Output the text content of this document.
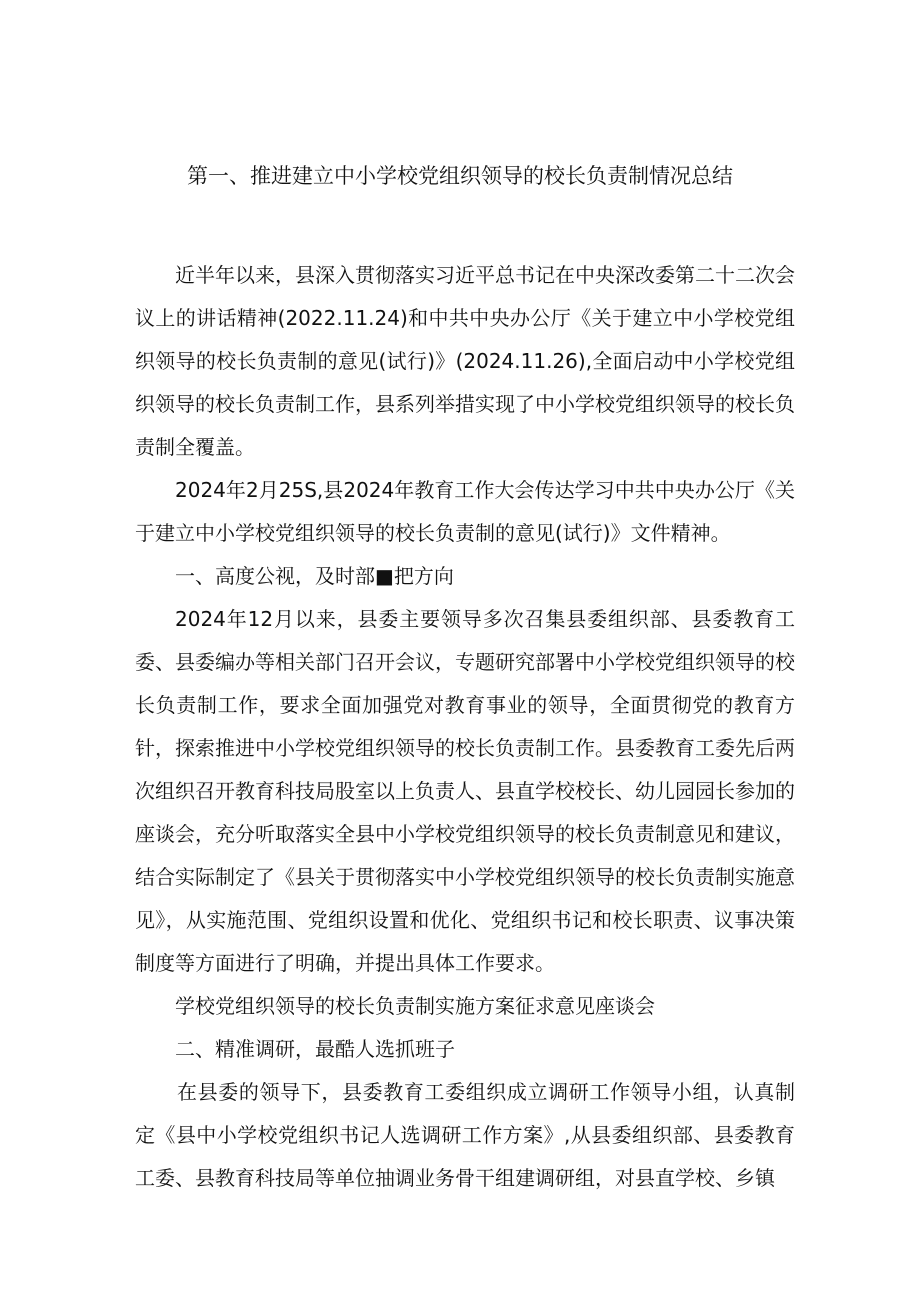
第一、推进建立中小学校党组织领导的校长负责制情况总结

近半年以来，县深入贯彻落实习近平总书记在中央深改委第二十二次会议上的讲话精神(2022.11.24)和中共中央办公厅《关于建立中小学校党组织领导的校长负责制的意见(试行)》(2024.11.26),全面启动中小学校党组织领导的校长负责制工作，县系列举措实现了中小学校党组织领导的校长负责制全覆盖。

2024年2月25S,县2024年教育工作大会传达学习中共中央办公厅《关于建立中小学校党组织领导的校长负责制的意见(试行)》文件精神。

一、高度公视，及时部■把方向

2024年12月以来，县委主要领导多次召集县委组织部、县委教育工委、县委编办等相关部门召开会议，专题研究部署中小学校党组织领导的校长负责制工作，要求全面加强党对教育事业的领导，全面贯彻党的教育方针，探索推进中小学校党组织领导的校长负责制工作。县委教育工委先后两次组织召开教育科技局股室以上负责人、县直学校校长、幼儿园园长参加的座谈会，充分听取落实全县中小学校党组织领导的校长负责制意见和建议，结合实际制定了《县关于贯彻落实中小学校党组织领导的校长负责制实施意见》，从实施范围、党组织设置和优化、党组织书记和校长职责、议事决策制度等方面进行了明确，并提出具体工作要求。

学校党组织领导的校长负责制实施方案征求意见座谈会

二、精准调研，最酷人选抓班子

在县委的领导下，县委教育工委组织成立调研工作领导小组，认真制定《县中小学校党组织书记人选调研工作方案》,从县委组织部、县委教育工委、县教育科技局等单位抽调业务骨干组建调研组，对县直学校、乡镇
